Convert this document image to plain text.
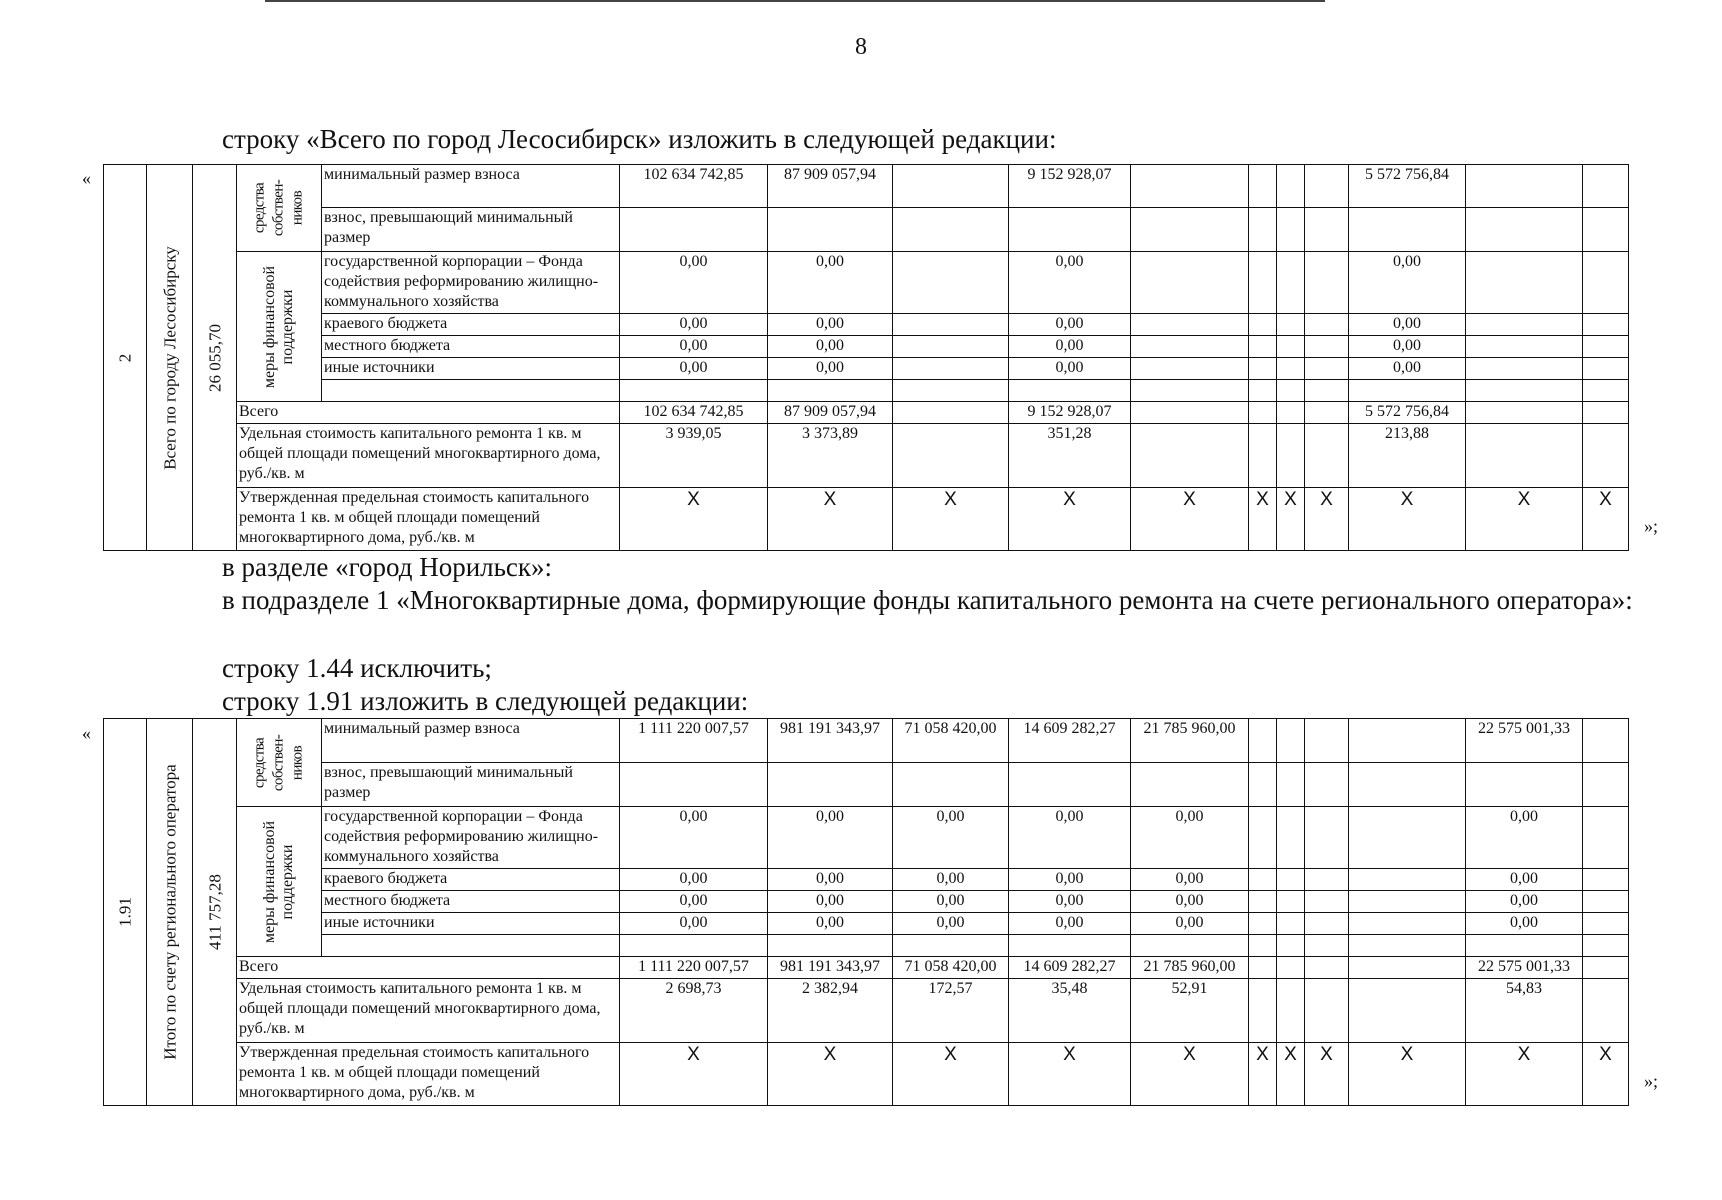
8
строку «Всего по город Лесосибирск» изложить в следующей редакции:
«
2	Всего по городу Лесосибирску	26 055,70	средства собствен- ников	минимальный размер взноса	102 634 742,85	87 909 057,94		9 152 928,07					5 572 756,84		
				взнос, превышающий минимальный размер											

			меры финансовой поддержки	государственной корпорации – Фонда содействия реформированию жилищно-коммунального хозяйства	0,00	0,00		0,00					0,00		
				краевого бюджета	0,00	0,00		0,00					0,00		
				местного бюджета	0,00	0,00		0,00					0,00		
				иные источники	0,00	0,00		0,00					0,00		

			Всего		102 634 742,85	87 909 057,94		9 152 928,07					5 572 756,84		
			Удельная стоимость капитального ремонта 1 кв. м общей площади помещений многоквартирного дома, руб./кв. м		3 939,05	3 373,89		351,28					213,88		
			Утвержденная предельная стоимость капитального ремонта 1 кв. м общей площади помещений многоквартирного дома, руб./кв. м		Х	Х	Х	Х	Х	Х	Х	Х	Х	Х	Х
»;
в разделе «город Норильск»:
в подразделе 1 «Многоквартирные дома, формирующие фонды капитального ремонта на счете регионального оператора»:
строку 1.44 исключить;
строку 1.91 изложить в следующей редакции:
«
1.91	Итого по счету регионального оператора	411 757,28	средства собствен- ников	минимальный размер взноса	1 111 220 007,57	981 191 343,97	71 058 420,00	14 609 282,27	21 785 960,00					22 575 001,33	
				взнос, превышающий минимальный размер											

			меры финансовой поддержки	государственной корпорации – Фонда содействия реформированию жилищно-коммунального хозяйства	0,00	0,00	0,00	0,00	0,00					0,00	
				краевого бюджета	0,00	0,00	0,00	0,00	0,00					0,00	
				местного бюджета	0,00	0,00	0,00	0,00	0,00					0,00	
				иные источники	0,00	0,00	0,00	0,00	0,00					0,00	

			Всего		1 111 220 007,57	981 191 343,97	71 058 420,00	14 609 282,27	21 785 960,00					22 575 001,33	
			Удельная стоимость капитального ремонта 1 кв. м общей площади помещений многоквартирного дома, руб./кв. м		2 698,73	2 382,94	172,57	35,48	52,91					54,83	
			Утвержденная предельная стоимость капитального ремонта 1 кв. м общей площади помещений многоквартирного дома, руб./кв. м		Х	Х	Х	Х	Х	Х	Х	Х	Х	Х	Х
»;
